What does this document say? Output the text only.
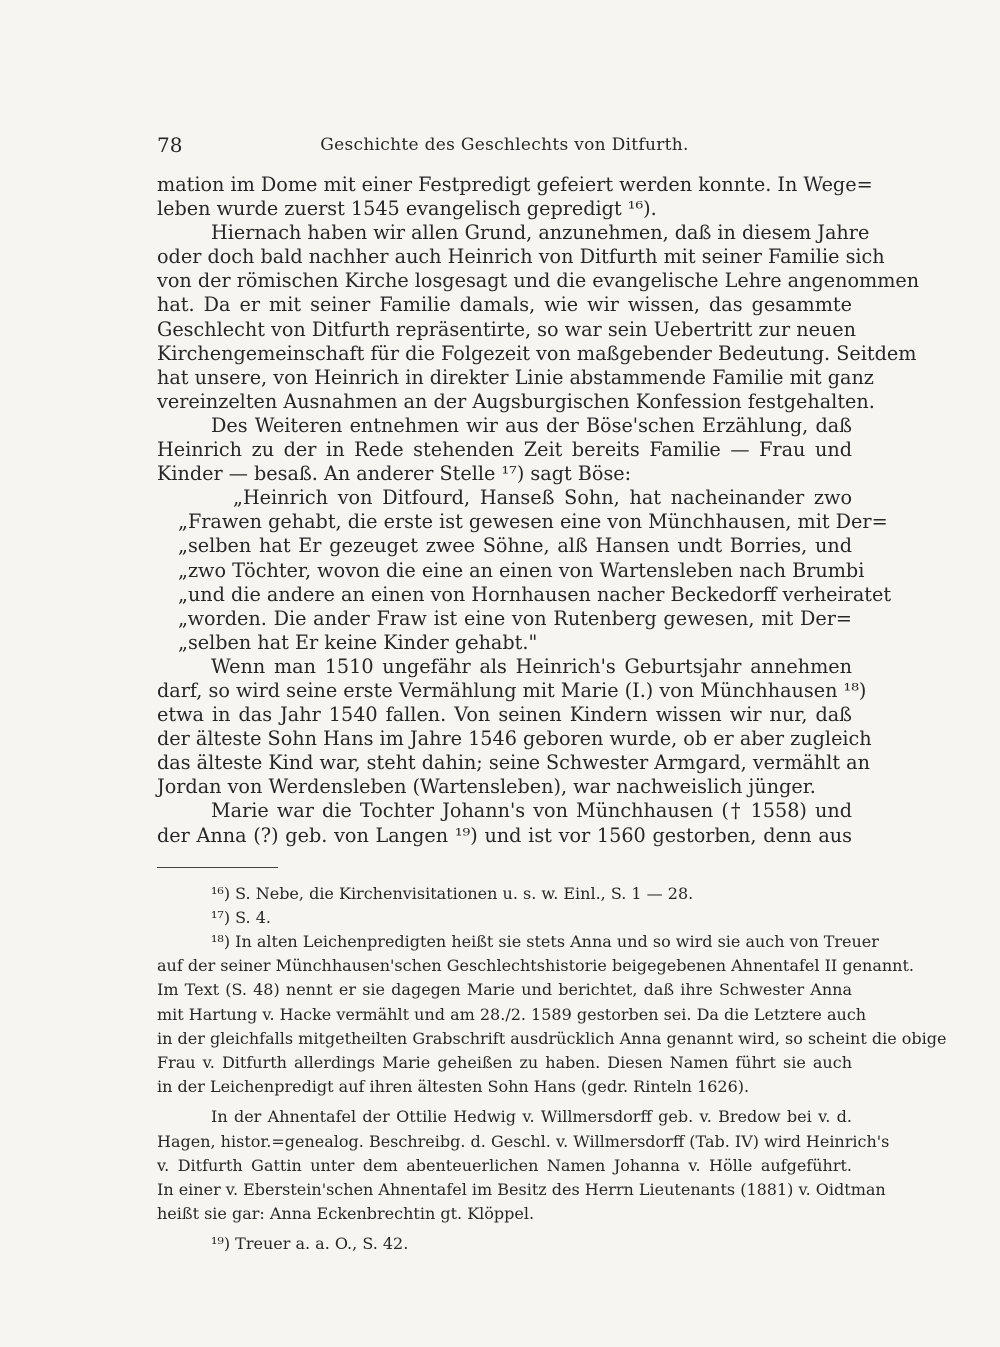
78	Geschichte des Geschlechts von Ditfurth.
mation im Dome mit einer Festpredigt gefeiert werden konnte. In Wege=
leben wurde zuerst 1545 evangelisch gepredigt ¹⁶).
Hiernach haben wir allen Grund, anzunehmen, daß in diesem Jahre
oder doch bald nachher auch Heinrich von Ditfurth mit seiner Familie sich
von der römischen Kirche losgesagt und die evangelische Lehre angenommen
hat. Da er mit seiner Familie damals, wie wir wissen, das gesammte
Geschlecht von Ditfurth repräsentirte, so war sein Uebertritt zur neuen
Kirchengemeinschaft für die Folgezeit von maßgebender Bedeutung. Seitdem
hat unsere, von Heinrich in direkter Linie abstammende Familie mit ganz
vereinzelten Ausnahmen an der Augsburgischen Konfession festgehalten.
Des Weiteren entnehmen wir aus der Böse'schen Erzählung, daß
Heinrich zu der in Rede stehenden Zeit bereits Familie — Frau und
Kinder — besaß. An anderer Stelle ¹⁷) sagt Böse:
„Heinrich von Ditfourd, Hanseß Sohn, hat nacheinander zwo
„Frawen gehabt, die erste ist gewesen eine von Münchhausen, mit Der=
„selben hat Er gezeuget zwee Söhne, alß Hansen undt Borries, und
„zwo Töchter, wovon die eine an einen von Wartensleben nach Brumbi
„und die andere an einen von Hornhausen nacher Beckedorff verheiratet
„worden. Die ander Fraw ist eine von Rutenberg gewesen, mit Der=
„selben hat Er keine Kinder gehabt."
Wenn man 1510 ungefähr als Heinrich's Geburtsjahr annehmen
darf, so wird seine erste Vermählung mit Marie (I.) von Münchhausen ¹⁸)
etwa in das Jahr 1540 fallen. Von seinen Kindern wissen wir nur, daß
der älteste Sohn Hans im Jahre 1546 geboren wurde, ob er aber zugleich
das älteste Kind war, steht dahin; seine Schwester Armgard, vermählt an
Jordan von Werdensleben (Wartensleben), war nachweislich jünger.
Marie war die Tochter Johann's von Münchhausen († 1558) und
der Anna (?) geb. von Langen ¹⁹) und ist vor 1560 gestorben, denn aus
¹⁶) S. Nebe, die Kirchenvisitationen u. s. w. Einl., S. 1 — 28.
¹⁷) S. 4.
¹⁸) In alten Leichenpredigten heißt sie stets Anna und so wird sie auch von Treuer
auf der seiner Münchhausen'schen Geschlechtshistorie beigegebenen Ahnentafel II genannt.
Im Text (S. 48) nennt er sie dagegen Marie und berichtet, daß ihre Schwester Anna
mit Hartung v. Hacke vermählt und am 28./2. 1589 gestorben sei. Da die Letztere auch
in der gleichfalls mitgetheilten Grabschrift ausdrücklich Anna genannt wird, so scheint die obige
Frau v. Ditfurth allerdings Marie geheißen zu haben. Diesen Namen führt sie auch
in der Leichenpredigt auf ihren ältesten Sohn Hans (gedr. Rinteln 1626).
In der Ahnentafel der Ottilie Hedwig v. Willmersdorff geb. v. Bredow bei v. d.
Hagen, histor.=genealog. Beschreibg. d. Geschl. v. Willmersdorff (Tab. IV) wird Heinrich's
v. Ditfurth Gattin unter dem abenteuerlichen Namen Johanna v. Hölle aufgeführt.
In einer v. Eberstein'schen Ahnentafel im Besitz des Herrn Lieutenants (1881) v. Oidtman
heißt sie gar: Anna Eckenbrechtin gt. Klöppel.
¹⁹) Treuer a. a. O., S. 42.
